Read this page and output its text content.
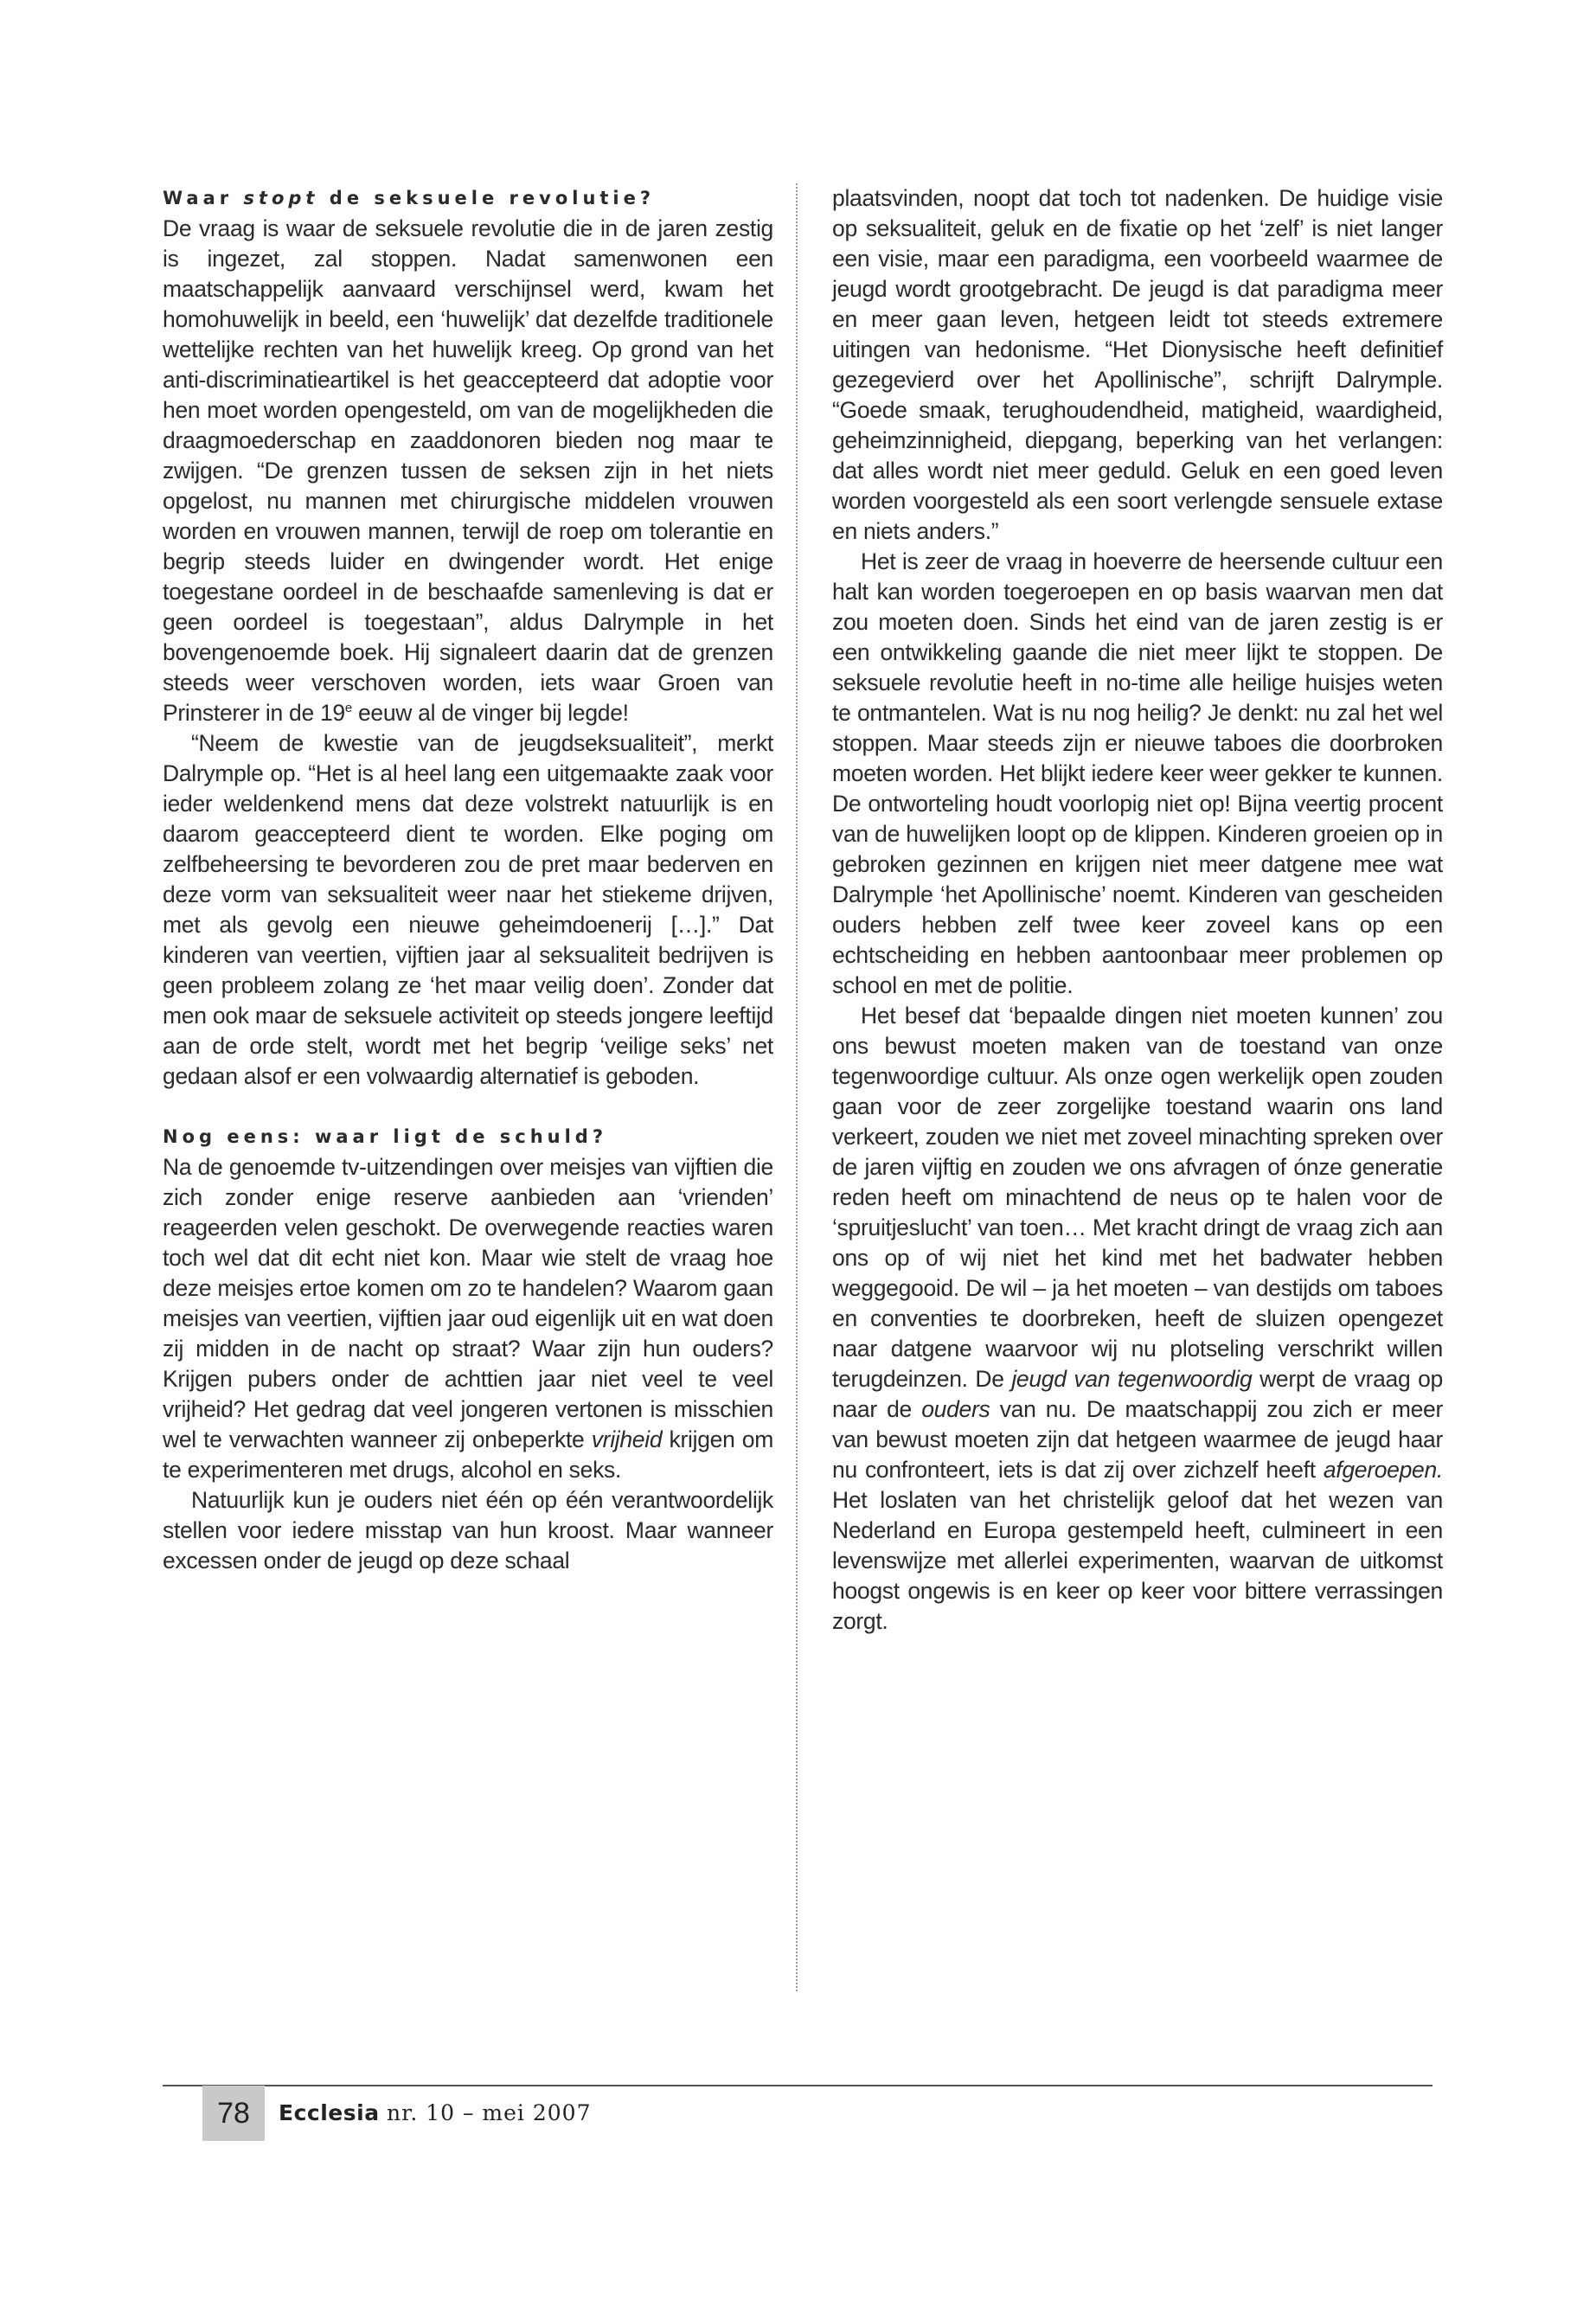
Waar stopt de seksuele revolutie?

De vraag is waar de seksuele revolutie die in de jaren zestig is ingezet, zal stoppen. Nadat samenwonen een maatschappelijk aanvaard verschijnsel werd, kwam het homohuwelijk in beeld, een ‘huwelijk’ dat dezelfde traditionele wettelijke rechten van het huwelijk kreeg. Op grond van het anti-discriminatieartikel is het geaccepteerd dat adoptie voor hen moet worden opengesteld, om van de mogelijkheden die draagmoederschap en zaaddonoren bieden nog maar te zwijgen. “De grenzen tussen de seksen zijn in het niets opgelost, nu mannen met chirurgische middelen vrouwen worden en vrouwen mannen, terwijl de roep om tolerantie en begrip steeds luider en dwingender wordt. Het enige toegestane oordeel in de beschaafde samenleving is dat er geen oordeel is toegestaan”, aldus Dalrymple in het bovengenoemde boek. Hij signaleert daarin dat de grenzen steeds weer verschoven worden, iets waar Groen van Prinsterer in de 19e eeuw al de vinger bij legde!

“Neem de kwestie van de jeugdseksualiteit”, merkt Dalrymple op. “Het is al heel lang een uitgemaakte zaak voor ieder weldenkend mens dat deze volstrekt natuurlijk is en daarom geaccepteerd dient te worden. Elke poging om zelfbeheersing te bevorderen zou de pret maar bederven en deze vorm van seksualiteit weer naar het stiekeme drijven, met als gevolg een nieuwe geheimdoenerij […].” Dat kinderen van veertien, vijftien jaar al seksualiteit bedrijven is geen probleem zolang ze ‘het maar veilig doen’. Zonder dat men ook maar de seksuele activiteit op steeds jongere leeftijd aan de orde stelt, wordt met het begrip ‘veilige seks’ net gedaan alsof er een volwaardig alternatief is geboden.

Nog eens: waar ligt de schuld?

Na de genoemde tv-uitzendingen over meisjes van vijftien die zich zonder enige reserve aanbieden aan ‘vrienden’ reageerden velen geschokt. De overwegende reacties waren toch wel dat dit echt niet kon. Maar wie stelt de vraag hoe deze meisjes ertoe komen om zo te handelen? Waarom gaan meisjes van veertien, vijftien jaar oud eigenlijk uit en wat doen zij midden in de nacht op straat? Waar zijn hun ouders? Krijgen pubers onder de achttien jaar niet veel te veel vrijheid? Het gedrag dat veel jongeren vertonen is misschien wel te verwachten wanneer zij onbeperkte vrijheid krijgen om te experimenteren met drugs, alcohol en seks.

Natuurlijk kun je ouders niet één op één verantwoordelijk stellen voor iedere misstap van hun kroost. Maar wanneer excessen onder de jeugd op deze schaal

plaatsvinden, noopt dat toch tot nadenken. De huidige visie op seksualiteit, geluk en de fixatie op het ‘zelf’ is niet langer een visie, maar een paradigma, een voorbeeld waarmee de jeugd wordt grootgebracht. De jeugd is dat paradigma meer en meer gaan leven, hetgeen leidt tot steeds extremere uitingen van hedonisme. “Het Dionysische heeft definitief gezegevierd over het Apollinische”, schrijft Dalrymple. “Goede smaak, terughoudendheid, matigheid, waardigheid, geheimzinnigheid, diepgang, beperking van het verlangen: dat alles wordt niet meer geduld. Geluk en een goed leven worden voorgesteld als een soort verlengde sensuele extase en niets anders.”

Het is zeer de vraag in hoeverre de heersende cultuur een halt kan worden toegeroepen en op basis waarvan men dat zou moeten doen. Sinds het eind van de jaren zestig is er een ontwikkeling gaande die niet meer lijkt te stoppen. De seksuele revolutie heeft in no-time alle heilige huisjes weten te ontmantelen. Wat is nu nog heilig? Je denkt: nu zal het wel stoppen. Maar steeds zijn er nieuwe taboes die doorbroken moeten worden. Het blijkt iedere keer weer gekker te kunnen. De ontworteling houdt voorlopig niet op! Bijna veertig procent van de huwelijken loopt op de klippen. Kinderen groeien op in gebroken gezinnen en krijgen niet meer datgene mee wat Dalrymple ‘het Apollinische’ noemt. Kinderen van gescheiden ouders hebben zelf twee keer zoveel kans op een echtscheiding en hebben aantoonbaar meer problemen op school en met de politie.

Het besef dat ‘bepaalde dingen niet moeten kunnen’ zou ons bewust moeten maken van de toestand van onze tegenwoordige cultuur. Als onze ogen werkelijk open zouden gaan voor de zeer zorgelijke toestand waarin ons land verkeert, zouden we niet met zoveel minachting spreken over de jaren vijftig en zouden we ons afvragen of ónze generatie reden heeft om minachtend de neus op te halen voor de ‘spruitjeslucht’ van toen… Met kracht dringt de vraag zich aan ons op of wij niet het kind met het badwater hebben weggegooid. De wil – ja het moeten – van destijds om taboes en conventies te doorbreken, heeft de sluizen opengezet naar datgene waarvoor wij nu plotseling verschrikt willen terugdeinzen. De jeugd van tegenwoordig werpt de vraag op naar de ouders van nu. De maatschappij zou zich er meer van bewust moeten zijn dat hetgeen waarmee de jeugd haar nu confronteert, iets is dat zij over zichzelf heeft afgeroepen. Het loslaten van het christelijk geloof dat het wezen van Nederland en Europa gestempeld heeft, culmineert in een levenswijze met allerlei experimenten, waarvan de uitkomst hoogst ongewis is en keer op keer voor bittere verrassingen zorgt.

78	Ecclesia nr. 10 – mei 2007
